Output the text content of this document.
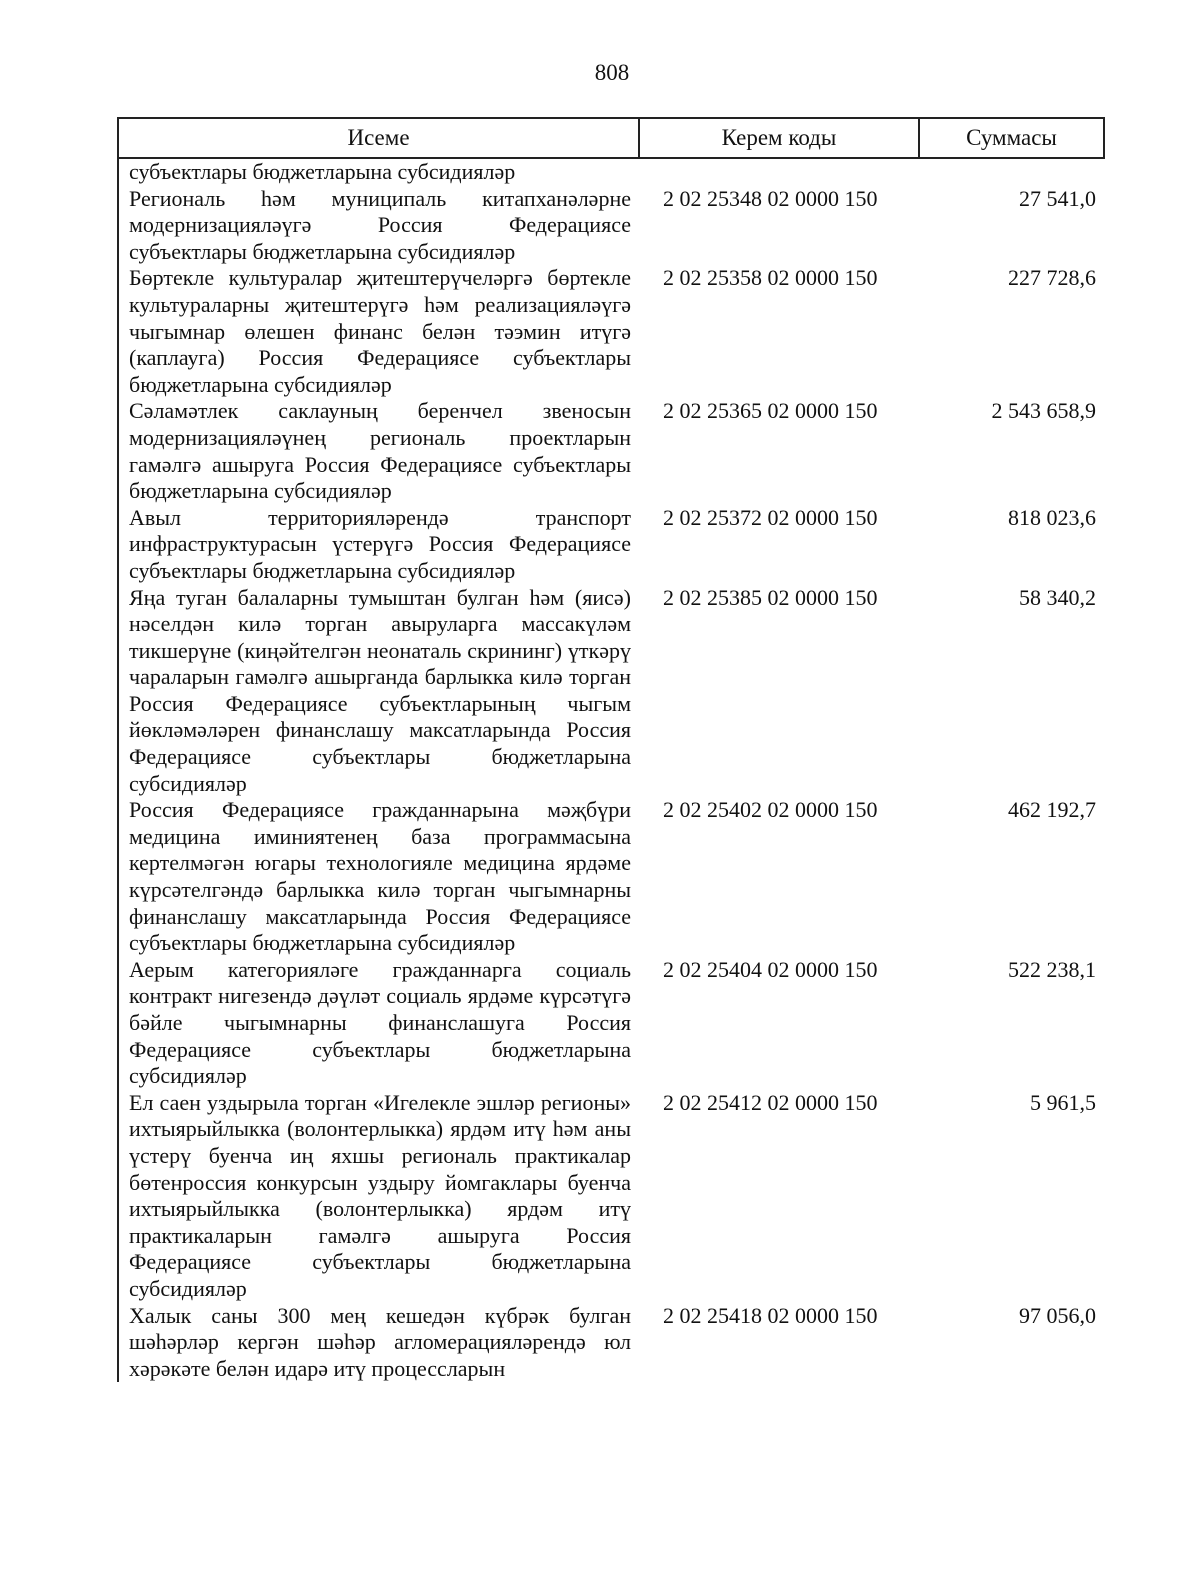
808
Исеме	Керем коды	Суммасы
субъектлары бюджетларына субсидияләр		
Региональ һәм муниципаль китапханәләрне модернизацияләүгә Россия Федерациясе субъектлары бюджетларына субсидияләр	2 02 25348 02 0000 150	27 541,0
Бөртекле культуралар җитештерүчеләргә бөртекле культураларны җитештерүгә һәм реализацияләүгә чыгымнар өлешен финанс белән тәэмин итүгә (каплауга) Россия Федерациясе субъектлары бюджетларына субсидияләр	2 02 25358 02 0000 150	227 728,6
Сәламәтлек саклауның беренчел звеносын модернизацияләүнең региональ проектларын гамәлгә ашыруга Россия Федерациясе субъектлары бюджетларына субсидияләр	2 02 25365 02 0000 150	2 543 658,9
Авыл территорияләрендә транспорт инфраструктурасын үстерүгә Россия Федерациясе субъектлары бюджетларына субсидияләр	2 02 25372 02 0000 150	818 023,6
Яңа туган балаларны тумыштан булган һәм (яисә) нәселдән килә торган авыруларга массакүләм тикшерүне (киңәйтелгән неонаталь скрининг) үткәрү чараларын гамәлгә ашырганда барлыкка килә торган Россия Федерациясе субъектларының чыгым йөкләмәләрен финанслашу максатларында Россия Федерациясе субъектлары бюджетларына субсидияләр	2 02 25385 02 0000 150	58 340,2
Россия Федерациясе гражданнарына мәҗбүри медицина иминиятенең база программасына кертелмәгән югары технологияле медицина ярдәме күрсәтелгәндә барлыкка килә торган чыгымнарны финанслашу максатларында Россия Федерациясе субъектлары бюджетларына субсидияләр	2 02 25402 02 0000 150	462 192,7
Аерым категорияләге гражданнарга социаль контракт нигезендә дәүләт социаль ярдәме күрсәтүгә бәйле чыгымнарны финанслашуга Россия Федерациясе субъектлары бюджетларына субсидияләр	2 02 25404 02 0000 150	522 238,1
Ел саен уздырыла торган «Игелекле эшләр регионы» ихтыярыйлыкка (волонтерлыкка) ярдәм итү һәм аны үстерү буенча иң яхшы региональ практикалар бөтенроссия конкурсын уздыру йомгаклары буенча ихтыярыйлыкка (волонтерлыкка) ярдәм итү практикаларын гамәлгә ашыруга Россия Федерациясе субъектлары бюджетларына субсидияләр	2 02 25412 02 0000 150	5 961,5
Халык саны 300 мең кешедән күбрәк булган шәһәрләр кергән шәһәр агломерацияләрендә юл хәрәкәте белән идарә итү процессларын	2 02 25418 02 0000 150	97 056,0
